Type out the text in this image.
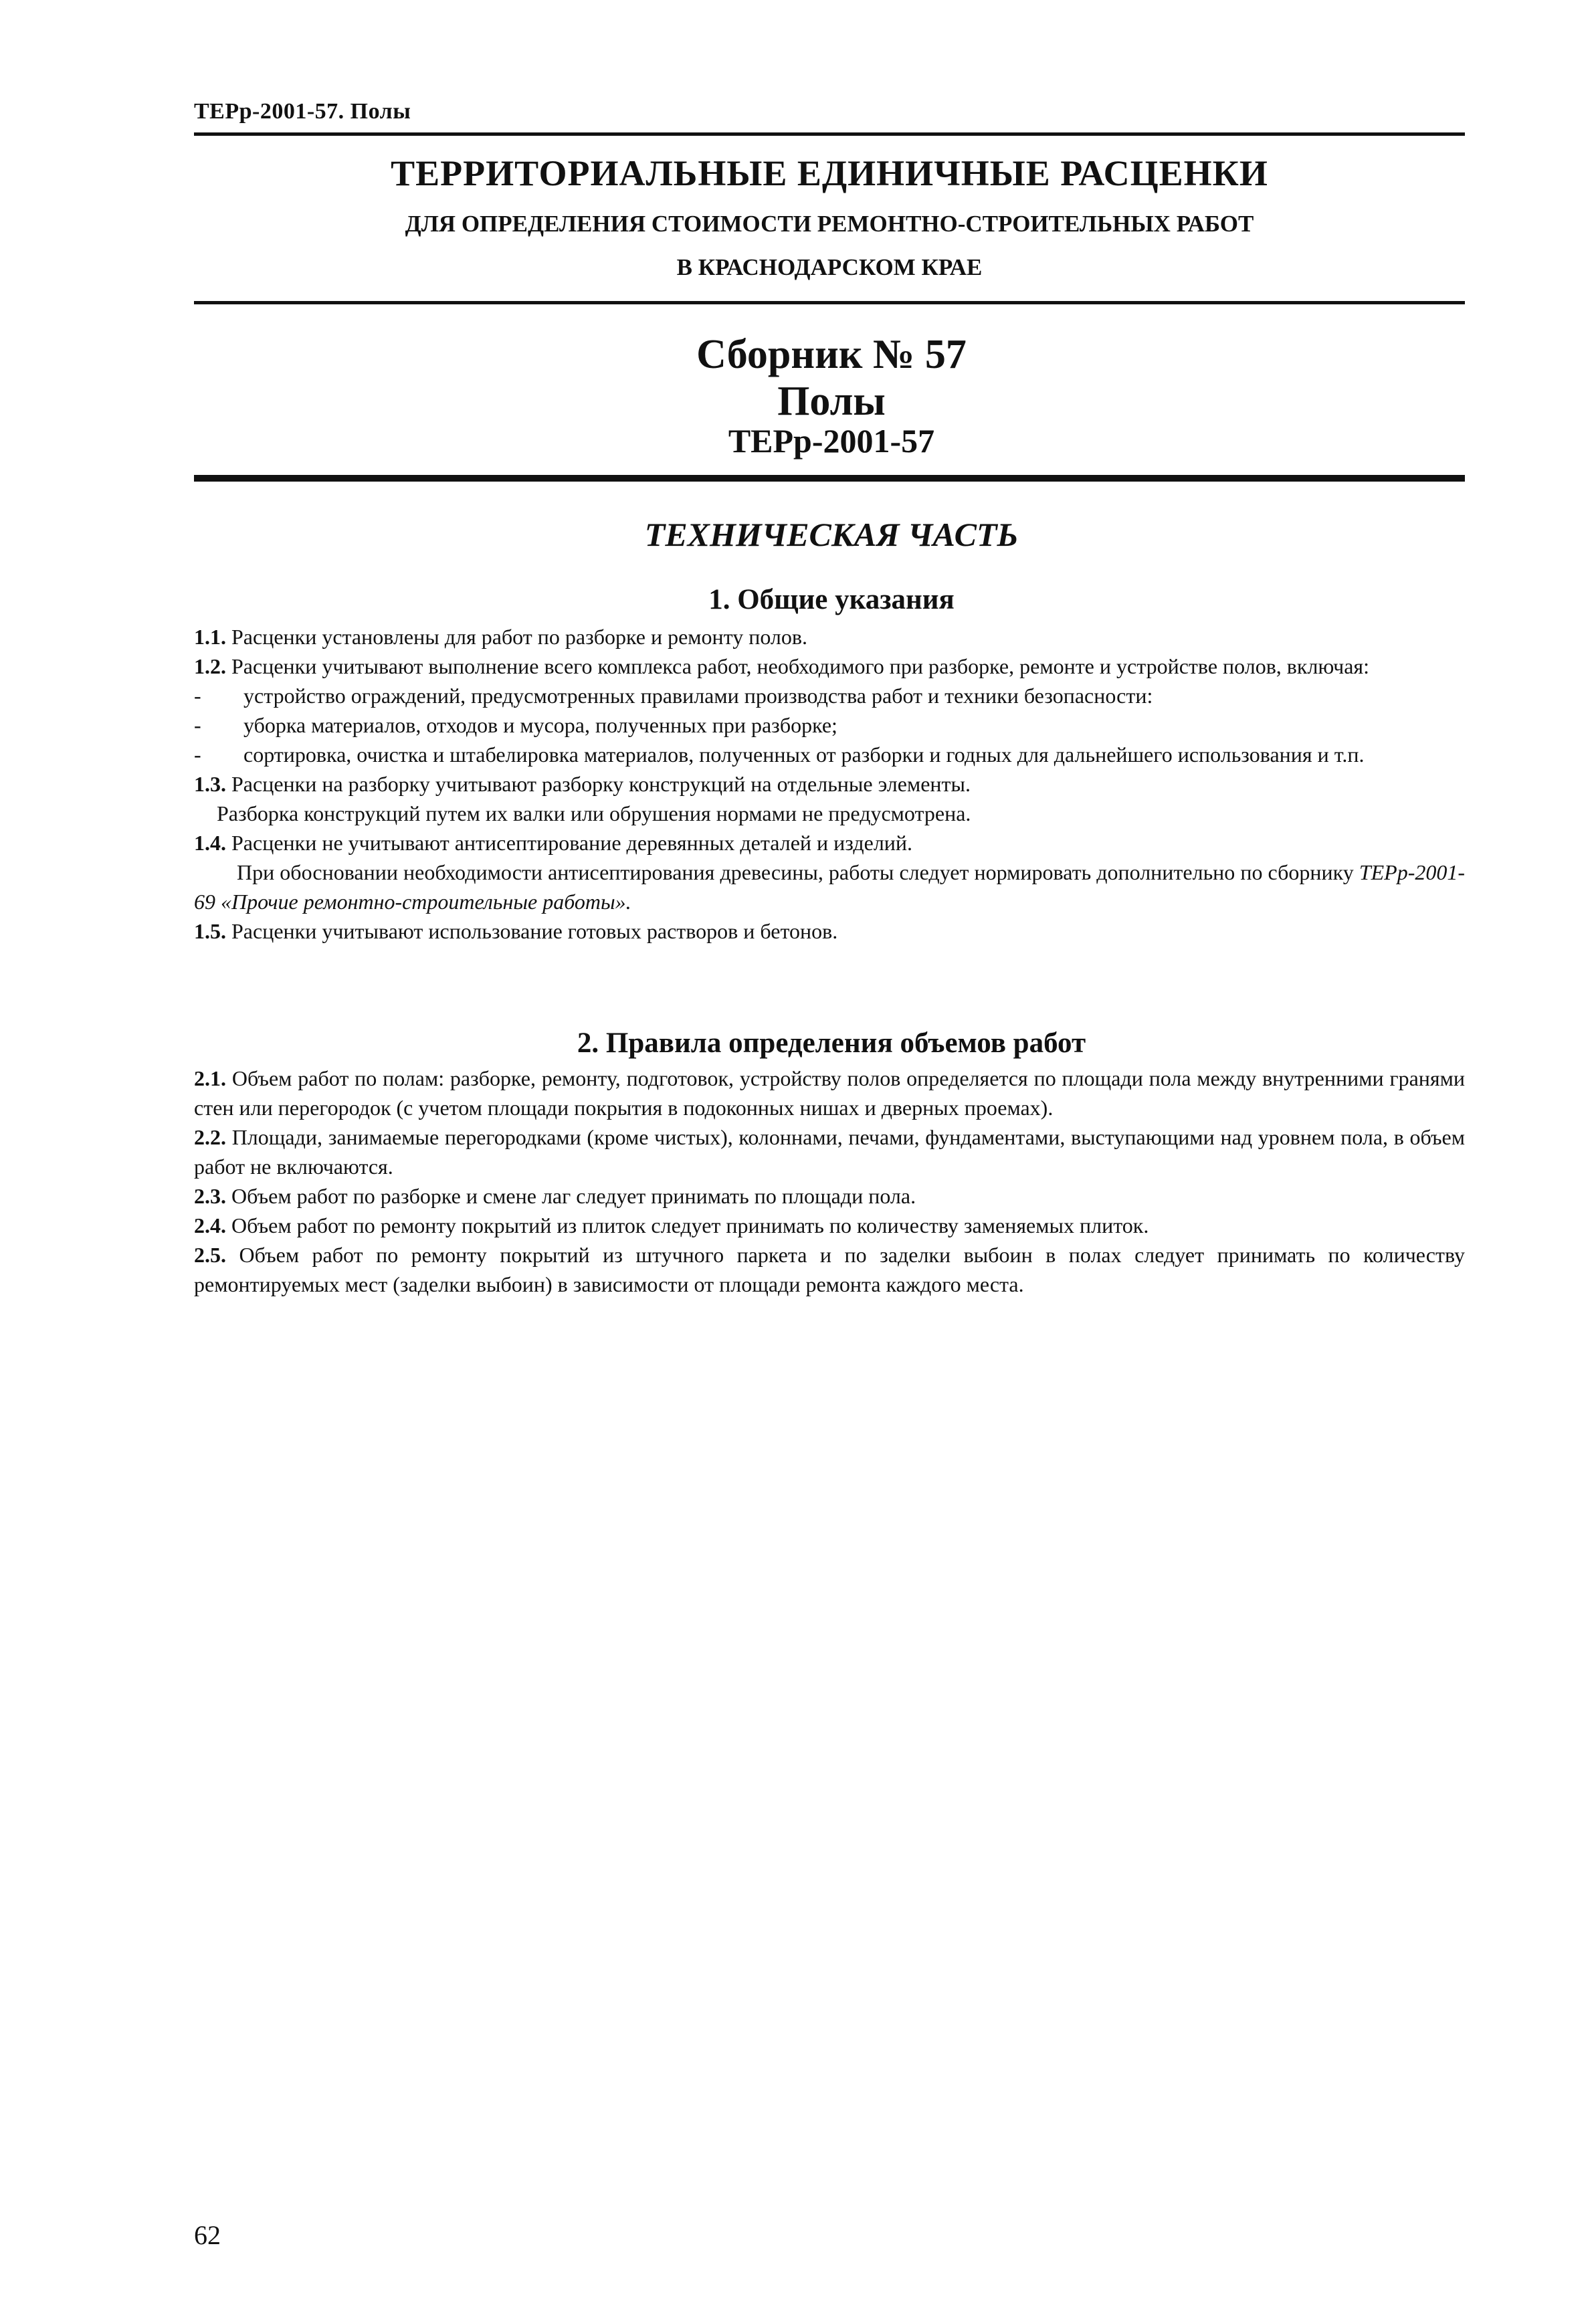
ТЕРр-2001-57. Полы
ТЕРРИТОРИАЛЬНЫЕ ЕДИНИЧНЫЕ РАСЦЕНКИ
ДЛЯ ОПРЕДЕЛЕНИЯ СТОИМОСТИ РЕМОНТНО-СТРОИТЕЛЬНЫХ РАБОТ
В КРАСНОДАРСКОМ КРАЕ
Сборник № 57
Полы
ТЕРр-2001-57
ТЕХНИЧЕСКАЯ ЧАСТЬ
1. Общие указания

1.1. Расценки установлены для работ по разборке и ремонту полов.

1.2. Расценки учитывают выполнение всего комплекса работ, необходимого при разборке, ремонте и устройстве полов, включая:

- устройство ограждений, предусмотренных правилами производства работ и техники безопасности:

- уборка материалов, отходов и мусора, полученных при разборке;

- сортировка, очистка и штабелировка материалов, полученных от разборки и годных для дальнейшего использования и т.п.

1.3. Расценки на разборку учитывают разборку конструкций на отдельные элементы.

Разборка конструкций путем их валки или обрушения нормами не предусмотрена.

1.4. Расценки не учитывают антисептирование деревянных деталей и изделий.

При обосновании необходимости антисептирования древесины, работы следует нормировать дополнительно по сборнику ТЕРр-2001-69 «Прочие ремонтно-строительные работы».

1.5. Расценки учитывают использование готовых растворов и бетонов.

2. Правила определения объемов работ

2.1. Объем работ по полам: разборке, ремонту, подготовок, устройству полов определяется по площади пола между внутренними гранями стен или перегородок (с учетом площади покрытия в подоконных нишах и дверных проемах).

2.2. Площади, занимаемые перегородками (кроме чистых), колоннами, печами, фундаментами, выступающими над уровнем пола, в объем работ не включаются.

2.3. Объем работ по разборке и смене лаг следует принимать по площади пола.

2.4. Объем работ по ремонту покрытий из плиток следует принимать по количеству заменяемых плиток.

2.5. Объем работ по ремонту покрытий из штучного паркета и по заделки выбоин в полах следует принимать по количеству ремонтируемых мест (заделки выбоин) в зависимости от площади ремонта каждого места.

62
